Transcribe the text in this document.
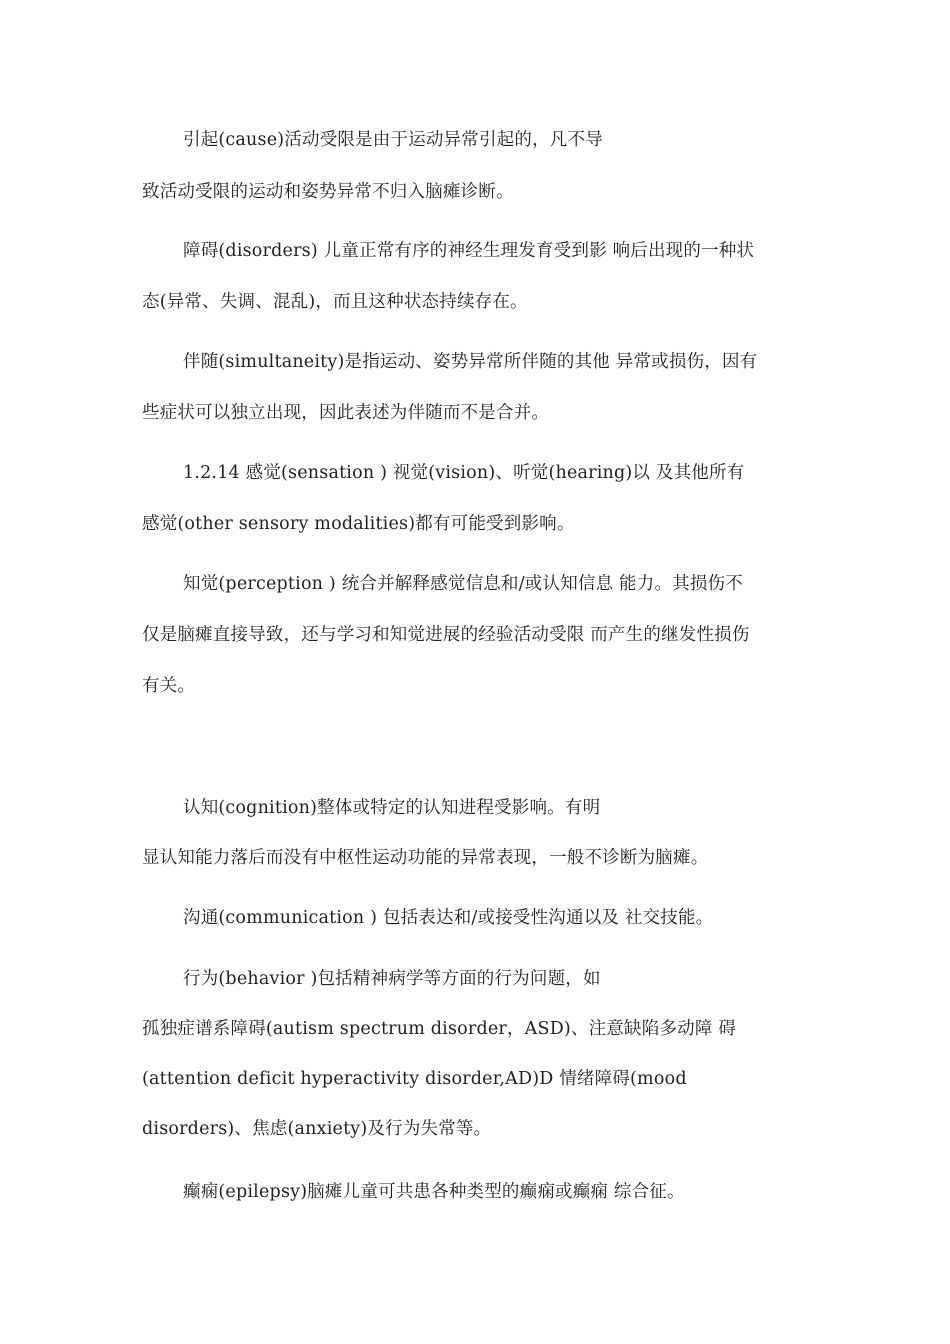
引起(cause)活动受限是由于运动异常引起的，凡不导
致活动受限的运动和姿势异常不归入脑瘫诊断。
障碍(disorders) 儿童正常有序的神经生理发育受到影 响后出现的一种状
态(异常、失调、混乱)，而且这种状态持续存在。
伴随(simultaneity)是指运动、姿势异常所伴随的其他 异常或损伤，因有
些症状可以独立出现，因此表述为伴随而不是合并。
1.2.14 感觉(sensation ) 视觉(vision)、听觉(hearing)以 及其他所有
感觉(other sensory modalities)都有可能受到影响。
知觉(perception ) 统合并解释感觉信息和/或认知信息 能力。其损伤不
仅是脑瘫直接导致，还与学习和知觉进展的经验活动受限 而产生的继发性损伤
有关。
认知(cognition)整体或特定的认知进程受影响。有明
显认知能力落后而没有中枢性运动功能的异常表现，一般不诊断为脑瘫。
沟通(communication ) 包括表达和/或接受性沟通以及 社交技能。
行为(behavior )包括精神病学等方面的行为问题，如
孤独症谱系障碍(autism spectrum disorder，ASD)、注意缺陷多动障 碍
(attention deficit hyperactivity disorder,AD)D 情绪障碍(mood
disorders)、焦虑(anxiety)及行为失常等。
癫痫(epilepsy)脑瘫儿童可共患各种类型的癫痫或癫痫 综合征。
